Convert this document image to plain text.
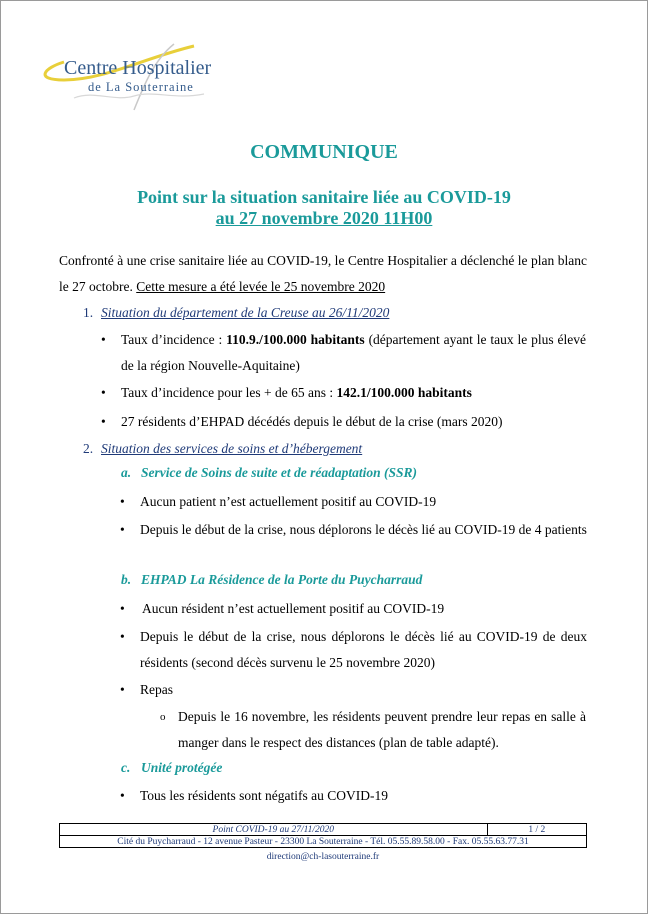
Centre Hospitalier
de La Souterraine
COMMUNIQUE
Point sur la situation sanitaire liée au COVID-19
au 27 novembre 2020 11H00
Confronté à une crise sanitaire liée au COVID-19, le Centre Hospitalier a déclenché le plan blanc le 27 octobre. Cette mesure a été levée le 25 novembre 2020
1. Situation du département de la Creuse au 26/11/2020
• Taux d’incidence : 110.9./100.000 habitants (département ayant le taux le plus élevé de la région Nouvelle-Aquitaine)
• Taux d’incidence pour les + de 65 ans : 142.1/100.000 habitants
• 27 résidents d’EHPAD décédés depuis le début de la crise (mars 2020)
2. Situation des services de soins et d’hébergement
a. Service de Soins de suite et de réadaptation (SSR)
• Aucun patient n’est actuellement positif au COVID-19
• Depuis le début de la crise, nous déplorons le décès lié au COVID-19 de 4 patients
b. EHPAD La Résidence de la Porte du Puycharraud
• Aucun résident n’est actuellement positif au COVID-19
• Depuis le début de la crise, nous déplorons le décès lié au COVID-19 de deux résidents (second décès survenu le 25 novembre 2020)
• Repas
o Depuis le 16 novembre, les résidents peuvent prendre leur repas en salle à manger dans le respect des distances (plan de table adapté).
c. Unité protégée
• Tous les résidents sont négatifs au COVID-19
Point COVID-19 au 27/11/2020	1 / 2
Cité du Puycharraud - 12 avenue Pasteur - 23300 La Souterraine - Tél. 05.55.89.58.00 - Fax. 05.55.63.77.31
direction@ch-lasouterraine.fr
